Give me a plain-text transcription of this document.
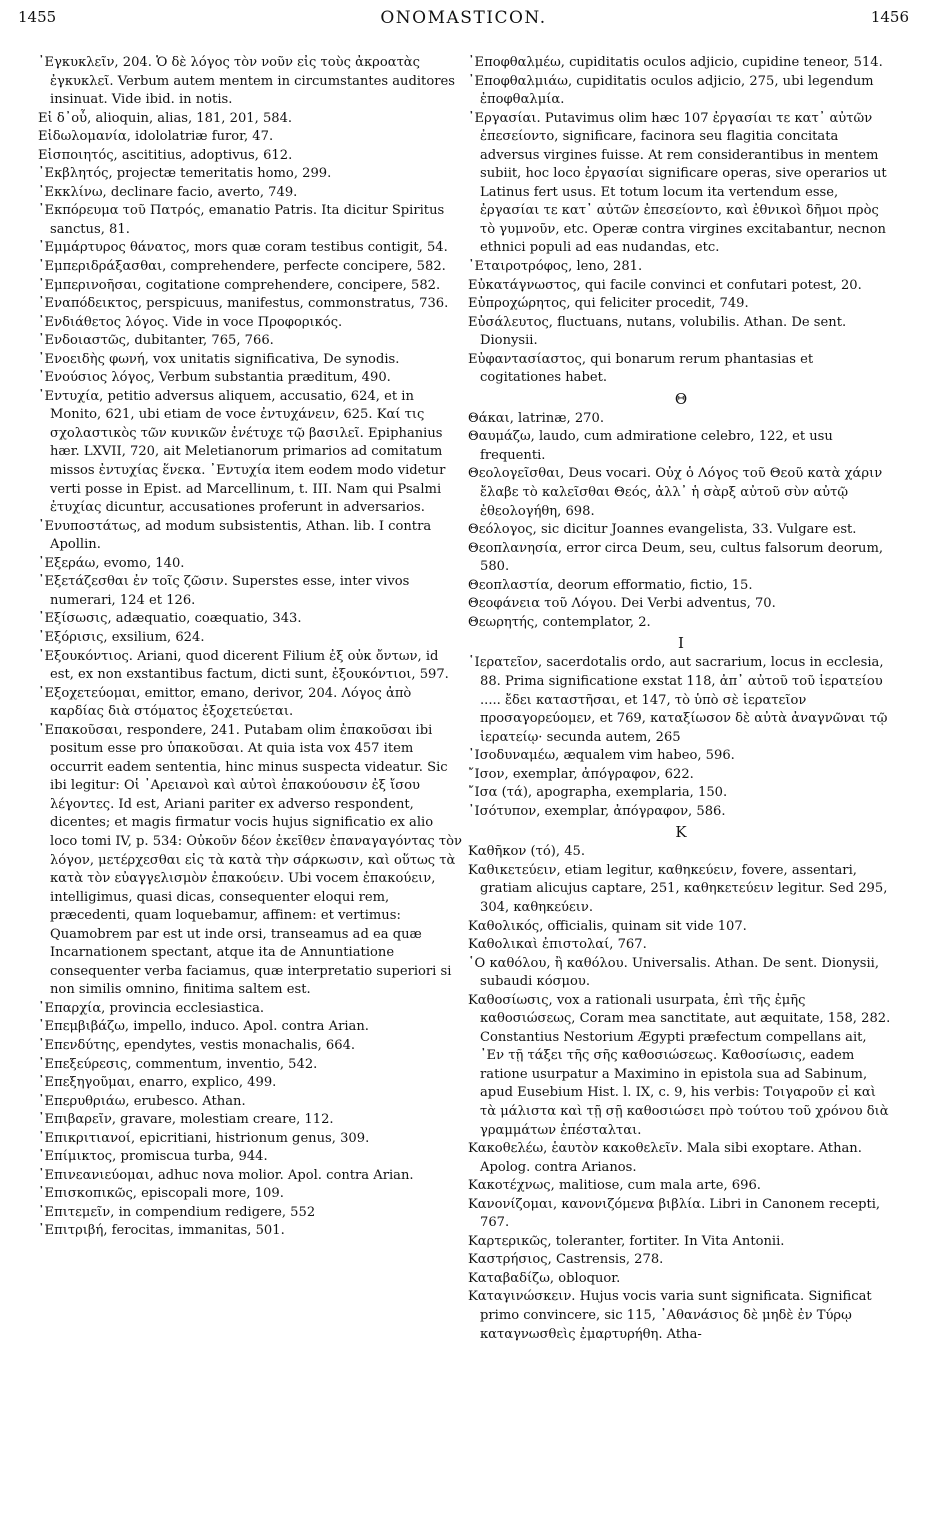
1455	ONOMASTICON.	1456

᾿Εγκυκλεῖν, 204. Ὁ δὲ λόγος τὸν νοῦν εἰς τοὺς ἀκροατὰς ἐγκυκλεῖ. Verbum autem mentem in circumstantes auditores insinuat. Vide ibid. in notis.

Εἰ δ᾿οὖ, alioquin, alias, 181, 201, 584.

Εἰδωλομανία, idololatriæ furor, 47.

Εἰσποιητός, ascititius, adoptivus, 612.

᾿Εκβλητός, projectæ temeritatis homo, 299.

᾿Εκκλίνω, declinare facio, averto, 749.

᾿Εκπόρευμα τοῦ Πατρός, emanatio Patris. Ita dicitur Spiritus sanctus, 81.

᾿Εμμάρτυρος θάνατος, mors quæ coram testibus contigit, 54.

᾿Εμπεριδράξασθαι, comprehendere, perfecte concipere, 582.

᾿Εμπερινοῆσαι, cogitatione comprehendere, concipere, 582.

᾿Εναπόδεικτος, perspicuus, manifestus, commonstratus, 736.

᾿Ενδιάθετος λόγος. Vide in voce Προφορικός.

᾿Ενδοιαστῶς, dubitanter, 765, 766.

᾿Ενοειδὴς φωνή, vox unitatis significativa, De synodis.

᾿Ενούσιος λόγος, Verbum substantia præditum, 490.

᾿Εντυχία, petitio adversus aliquem, accusatio, 624, et in Monito, 621, ubi etiam de voce ἐντυχάνειν, 625. Καί τις σχολαστικὸς τῶν κυνικῶν ἐνέτυχε τῷ βασιλεῖ. Epiphanius hær. LXVII, 720, ait Meletianorum primarios ad comitatum missos ἐντυχίας ἕνεκα. ᾿Εντυχία item eodem modo videtur verti posse in Epist. ad Marcellinum, t. III. Nam qui Psalmi ἐτυχίας dicuntur, accusationes proferunt in adversarios.

᾿Ενυποστάτως, ad modum subsistentis, Athan. lib. I contra Apollin.

᾿Εξεράω, evomo, 140.

᾿Εξετάζεσθαι ἐν τοῖς ζῶσιν. Superstes esse, inter vivos numerari, 124 et 126.

᾿Εξίσωσις, adæquatio, coæquatio, 343.

᾿Εξόρισις, exsilium, 624.

᾿Εξουκόντιος. Ariani, quod dicerent Filium ἐξ οὐκ ὄντων, id est, ex non exstantibus factum, dicti sunt, ἐξουκόντιοι, 597.

᾿Εξοχετεύομαι, emittor, emano, derivor, 204. Λόγος ἀπὸ καρδίας διὰ στόματος ἐξοχετεύεται.

᾿Επακοῦσαι, respondere, 241. Putabam olim ἐπακοῦσαι ibi positum esse pro ὑπακοῦσαι. At quia ista vox 457 item occurrit eadem sententia, hinc minus suspecta videatur. Sic ibi legitur: Οἱ ᾿Αρειανοὶ καὶ αὐτοὶ ἐπακούουσιν ἐξ ἴσου λέγοντες. Id est, Ariani pariter ex adverso respondent, dicentes; et magis firmatur vocis hujus significatio ex alio loco tomi IV, p. 534: Οὐκοῦν δέον ἐκεῖθεν ἐπαναγαγόντας τὸν λόγον, μετέρχεσθαι εἰς τὰ κατὰ τὴν σάρκωσιν, καὶ οὕτως τὰ κατὰ τὸν εὐαγγελισμὸν ἐπακούειν. Ubi vocem ἐπακούειν, intelligimus, quasi dicas, consequenter eloqui rem, præcedenti, quam loquebamur, affinem: et vertimus: Quamobrem par est ut inde orsi, transeamus ad ea quæ Incarnationem spectant, atque ita de Annuntiatione consequenter verba faciamus, quæ interpretatio superiori si non similis omnino, finitima saltem est.

᾿Επαρχία, provincia ecclesiastica.

᾿Επεμβιβάζω, impello, induco. Apol. contra Arian.

᾿Επενδύτης, ependytes, vestis monachalis, 664.

᾿Επεξεύρεσις, commentum, inventio, 542.

᾿Επεξηγοῦμαι, enarro, explico, 499.

᾿Επερυθριάω, erubesco. Athan.

᾿Επιβαρεῖν, gravare, molestiam creare, 112.

᾿Επικριτιανοί, epicritiani, histrionum genus, 309.

᾿Επίμικτος, promiscua turba, 944.

᾿Επινεανιεύομαι, adhuc nova molior. Apol. contra Arian.

᾿Επισκοπικῶς, episcopali more, 109.

᾿Επιτεμεῖν, in compendium redigere, 552

᾿Επιτριβή, ferocitas, immanitas, 501.

᾿Εποφθαλμέω, cupiditatis oculos adjicio, cupidine teneor, 514.

᾿Εποφθαλμιάω, cupiditatis oculos adjicio, 275, ubi legendum ἐποφθαλμία.

᾿Εργασίαι. Putavimus olim hæc 107 ἐργασίαι τε κατ᾿ αὐτῶν ἐπεσείοντο, significare, facinora seu flagitia concitata adversus virgines fuisse. At rem considerantibus in mentem subiit, hoc loco ἐργασίαι significare operas, sive operarios ut Latinus fert usus. Et totum locum ita vertendum esse, ἐργασίαι τε κατ᾿ αὐτῶν ἐπεσείοντο, καὶ ἐθνικοὶ δῆμοι πρὸς τὸ γυμνοῦν, etc. Operæ contra virgines excitabantur, necnon ethnici populi ad eas nudandas, etc.

᾿Εταιροτρόφος, leno, 281.

Εὐκατάγνωστος, qui facile convinci et confutari potest, 20.

Εὐπροχώρητος, qui feliciter procedit, 749.

Εὐσάλευτος, fluctuans, nutans, volubilis. Athan. De sent. Dionysii.

Εὐφαντασίαστος, qui bonarum rerum phantasias et cogitationes habet.

Θ

Θάκαι, latrinæ, 270.

Θαυμάζω, laudo, cum admiratione celebro, 122, et usu frequenti.

Θεολογεῖσθαι, Deus vocari. Οὐχ ὁ Λόγος τοῦ Θεοῦ κατὰ χάριν ἔλαβε τὸ καλεῖσθαι Θεός, ἀλλ᾿ ἡ σὰρξ αὐτοῦ σὺν αὐτῷ ἐθεολογήθη, 698.

Θεόλογος, sic dicitur Joannes evangelista, 33. Vulgare est.

Θεοπλανησία, error circa Deum, seu, cultus falsorum deorum, 580.

Θεοπλαστία, deorum efformatio, fictio, 15.

Θεοφάνεια τοῦ Λόγου. Dei Verbi adventus, 70.

Θεωρητής, contemplator, 2.

I

῾Ιερατεῖον, sacerdotalis ordo, aut sacrarium, locus in ecclesia, 88. Prima significatione exstat 118, ἀπ᾿ αὐτοῦ τοῦ ἱερατείου ..... ἔδει καταστῆσαι, et 147, τὸ ὑπὸ σὲ ἱερατεῖον προσαγορεύομεν, et 769, καταξίωσον δὲ αὐτὰ ἀναγνῶναι τῷ ἱερατείῳ· secunda autem, 265

᾿Ισοδυναμέω, æqualem vim habeo, 596.

῎Ισον, exemplar, ἀπόγραφον, 622.

῎Ισα (τά), apographa, exemplaria, 150.

᾿Ισότυπον, exemplar, ἀπόγραφον, 586.

K

Καθῆκον (τό), 45.

Καθικετεύειν, etiam legitur, καθηκεύειν, fovere, assentari, gratiam alicujus captare, 251, καθηκετεύειν legitur. Sed 295, 304, καθηκεύειν.

Καθολικός, officialis, quinam sit vide 107.

Καθολικαὶ ἐπιστολαί, 767.

῾Ο καθόλου, ἢ καθόλου. Universalis. Athan. De sent. Dionysii, subaudi κόσμου.

Καθοσίωσις, vox a rationali usurpata, ἐπὶ τῆς ἐμῆς καθοσιώσεως, Coram mea sanctitate, aut æquitate, 158, 282. Constantius Nestorium Ægypti præfectum compellans ait, ᾿Εν τῇ τάξει τῆς σῆς καθοσιώσεως. Καθοσίωσις, eadem ratione usurpatur a Maximino in epistola sua ad Sabinum, apud Eusebium Hist. l. IX, c. 9, his verbis: Τοιγαροῦν εἰ καὶ τὰ μάλιστα καὶ τῇ σῇ καθοσιώσει πρὸ τούτου τοῦ χρόνου διὰ γραμμάτων ἐπέσταλται.

Κακοθελέω, ἑαυτὸν κακοθελεῖν. Mala sibi exoptare. Athan. Apolog. contra Arianos.

Κακοτέχνως, malitiose, cum mala arte, 696.

Κανονίζομαι, κανονιζόμενα βιβλία. Libri in Canonem recepti, 767.

Καρτερικῶς, toleranter, fortiter. In Vita Antonii.

Καστρήσιος, Castrensis, 278.

Καταβαδίζω, obloquor.

Καταγινώσκειν. Hujus vocis varia sunt significata. Significat primo convincere, sic 115, ᾿Αθανάσιος δὲ μηδὲ ἐν Τύρῳ καταγνωσθεὶς ἐμαρτυρήθη. Atha-
